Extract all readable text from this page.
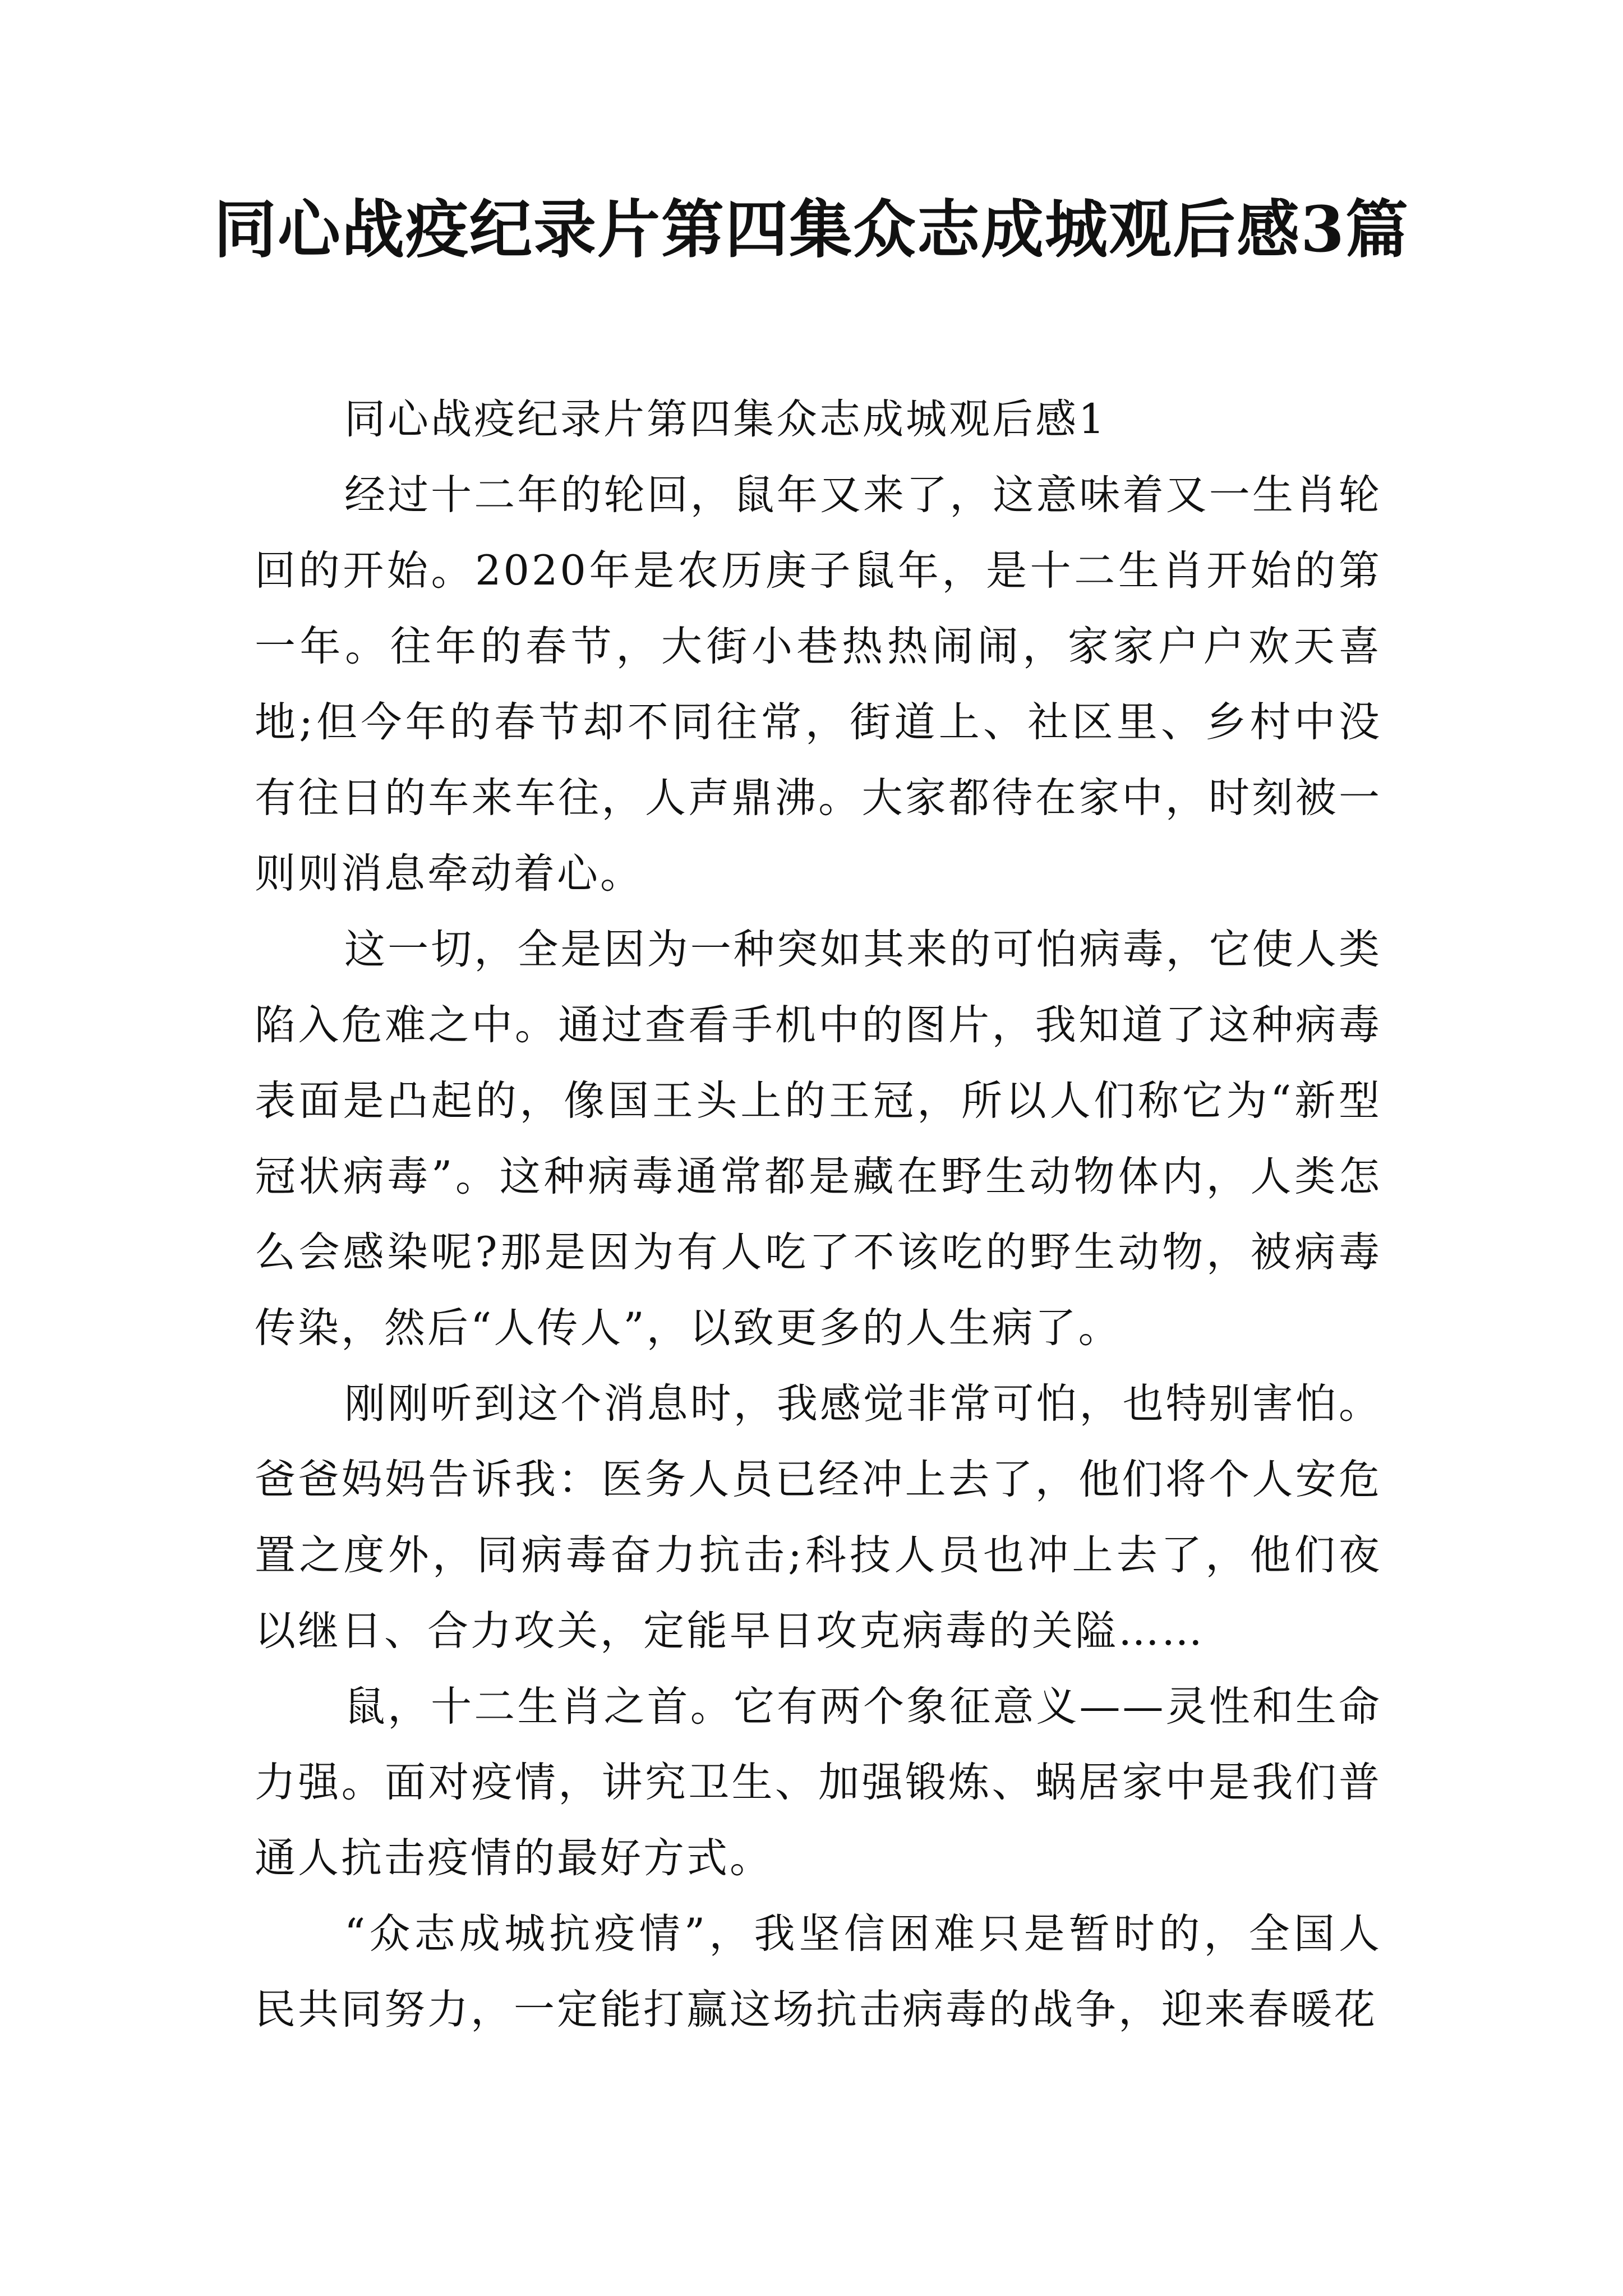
同心战疫纪录片第四集众志成城观后感3篇

同心战疫纪录片第四集众志成城观后感1

经过十二年的轮回，鼠年又来了，这意味着又一生肖轮回的开始。2020年是农历庚子鼠年，是十二生肖开始的第一年。往年的春节，大街小巷热热闹闹，家家户户欢天喜地;但今年的春节却不同往常，街道上、社区里、乡村中没有往日的车来车往，人声鼎沸。大家都待在家中，时刻被一则则消息牵动着心。

这一切，全是因为一种突如其来的可怕病毒，它使人类陷入危难之中。通过查看手机中的图片，我知道了这种病毒表面是凸起的，像国王头上的王冠，所以人们称它为“新型冠状病毒”。这种病毒通常都是藏在野生动物体内，人类怎么会感染呢?那是因为有人吃了不该吃的野生动物，被病毒传染，然后“人传人”，以致更多的人生病了。

刚刚听到这个消息时，我感觉非常可怕，也特别害怕。爸爸妈妈告诉我：医务人员已经冲上去了，他们将个人安危置之度外，同病毒奋力抗击;科技人员也冲上去了，他们夜以继日、合力攻关，定能早日攻克病毒的关隘……

鼠，十二生肖之首。它有两个象征意义——灵性和生命力强。面对疫情，讲究卫生、加强锻炼、蜗居家中是我们普通人抗击疫情的最好方式。

“众志成城抗疫情”，我坚信困难只是暂时的，全国人民共同努力，一定能打赢这场抗击病毒的战争，迎来春暖花
